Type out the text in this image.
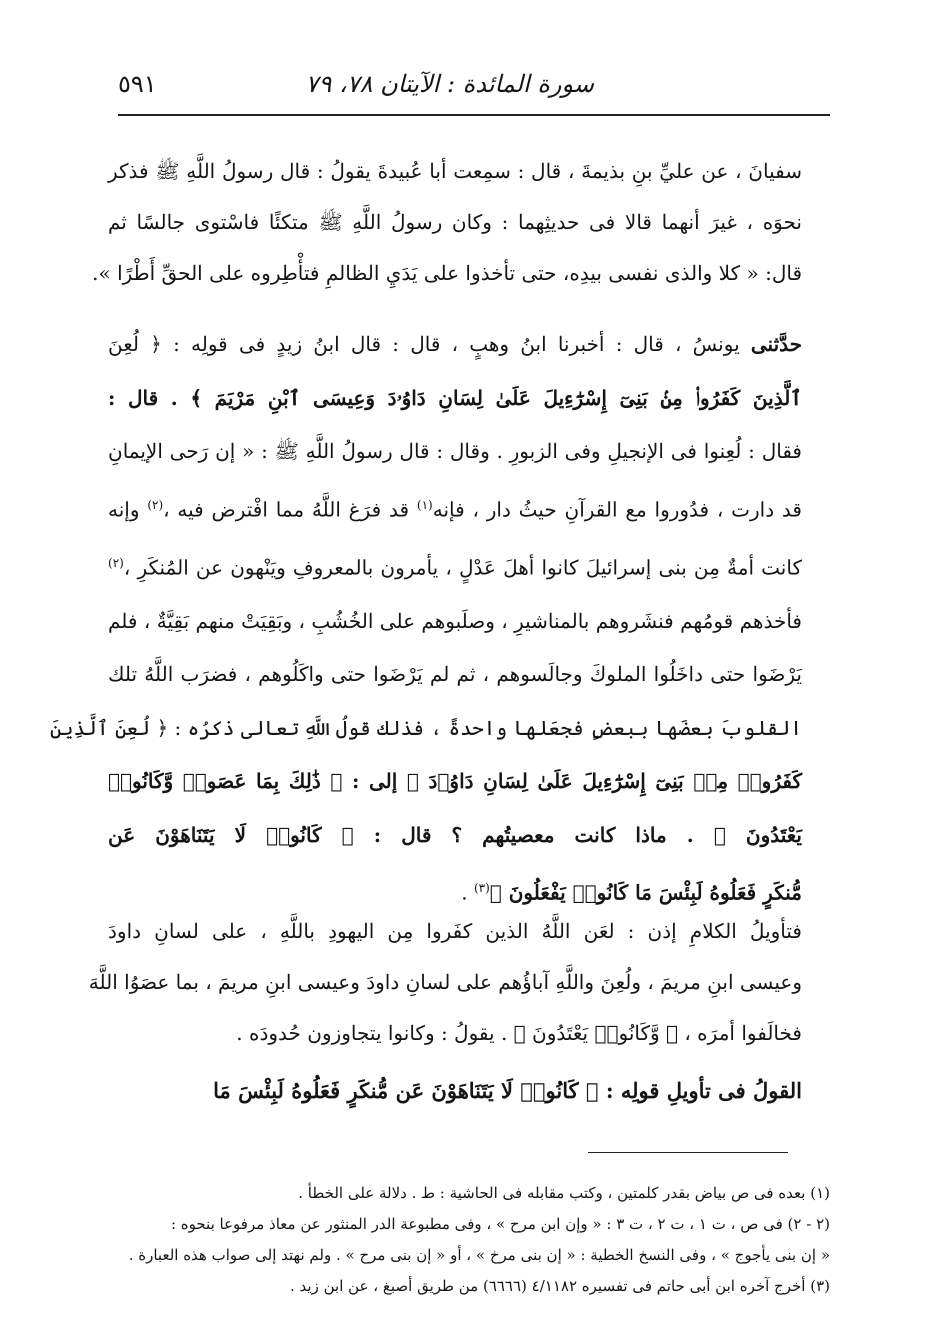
٥٩١	سورة المائدة : الآيتان ٧٨، ٧٩
سفيانَ ، عن عليِّ بنِ بذيمةَ ، قال : سمِعت أبا عُبيدةَ يقولُ : قال رسولُ اللَّهِ ﷺ فذكر
نحوَه ، غيرَ أنهما قالا فى حديثِهما : وكان رسولُ اللَّهِ ﷺ متكئًا فاسْتوى جالسًا ثم
قال: « كلا والذى نفسى بيدِه، حتى تأخذوا على يَدَيِ الظالمِ فتأْطِروه على الحقِّ أَطْرًا ».
حدَّثنى يونسُ ، قال : أخبرنا ابنُ وهبٍ ، قال : قال ابنُ زيدٍ فى قولِه : ﴿ لُعِنَ
ٱلَّذِينَ كَفَرُوا۟ مِنۢ بَنِىٓ إِسْرَٰٓءِيلَ عَلَىٰ لِسَانِ دَاوُۥدَ وَعِيسَى ٱبْنِ مَرْيَمَ ﴾ . قال :
فقال : لُعِنوا فى الإنجيلِ وفى الزبورِ . وقال : قال رسولُ اللَّهِ ﷺ : « إن رَحى الإيمانِ
قد دارت ، فدُوروا مع القرآنِ حيثُ دار ، فإنه$^{(١)}$ قد فرَغ اللَّهُ مما افْترض فيه ،$^{(٢)}$ وإنه
كانت أمةٌ مِن بنى إسرائيلَ كانوا أهلَ عَدْلٍ ، يأمرون بالمعروفِ ويَنْهون عن المُنكَرِ ،$^{(٢)}$
فأخذهم قومُهم فنشَروهم بالمناشيرِ ، وصلَبوهم على الخُشُبِ ، وبَقِيَتْ منهم بَقِيَّةٌ ، فلم
يَرْضَوا حتى داخَلُوا الملوكَ وجالَسوهم ، ثم لم يَرْضَوا حتى واكَلُوهم ، فضرَب اللَّهُ تلك
القلوبَ بعضَها ببعضٍ فجعَلها واحدةً ، فذلك قولُ اللَّهِ تعالى ذكرُه : ﴿ لُعِنَ ٱلَّذِينَ
كَفَرُوا۟ مِنۢ بَنِىٓ إِسْرَٰٓءِيلَ عَلَىٰ لِسَانِ دَاوُۥدَ ﴾ إلى : ﴿ ذَٰلِكَ بِمَا عَصَوا۟ وَّكَانُوا۟
يَعْتَدُونَ ﴾ . ماذا كانت معصيتُهم ؟ قال : ﴿ كَانُوا۟ لَا يَتَنَاهَوْنَ عَن
مُّنكَرٍ فَعَلُوهُ لَبِئْسَ مَا كَانُوا۟ يَفْعَلُونَ ﴾$^{(٣)}$ .
فتأويلُ الكلامِ إذن : لعَن اللَّهُ الذين كفَروا مِن اليهودِ باللَّهِ ، على لسانِ داودَ
وعيسى ابنِ مريمَ ، ولُعِنَ واللَّهِ آباؤُهم على لسانِ داودَ وعيسى ابنِ مريمَ ، بما عصَوُا اللَّهَ
فخالَفوا أمرَه ، ﴿ وَّكَانُوا۟ يَعْتَدُونَ ﴾ . يقولُ : وكانوا يتجاوزون حُدودَه .
القولُ فى تأويلِ قولِه : ﴿ كَانُوا۟ لَا يَتَنَاهَوْنَ عَن مُّنكَرٍ فَعَلُوهُ لَبِئْسَ مَا
(١) بعده فى ص بياض بقدر كلمتين ، وكتب مقابله فى الحاشية : ط . دلالة على الخطأ .
(٢ - ٢) فى ص ، ت ١ ، ت ٢ ، ت ٣ : « وإن ابن مرح » ، وفى مطبوعة الدر المنثور عن معاذ مرفوعا بنحوه :
« إن بنى يأجوج » ، وفى النسخ الخطية : « إن بنى مرخ » ، أو « إن بنى مرح » . ولم نهتد إلى صواب هذه العبارة .
(٣) أخرج آخره ابن أبى حاتم فى تفسيره ٤/١١٨٢ (٦٦٦٦) من طريق أصبغ ، عن ابن زيد .
